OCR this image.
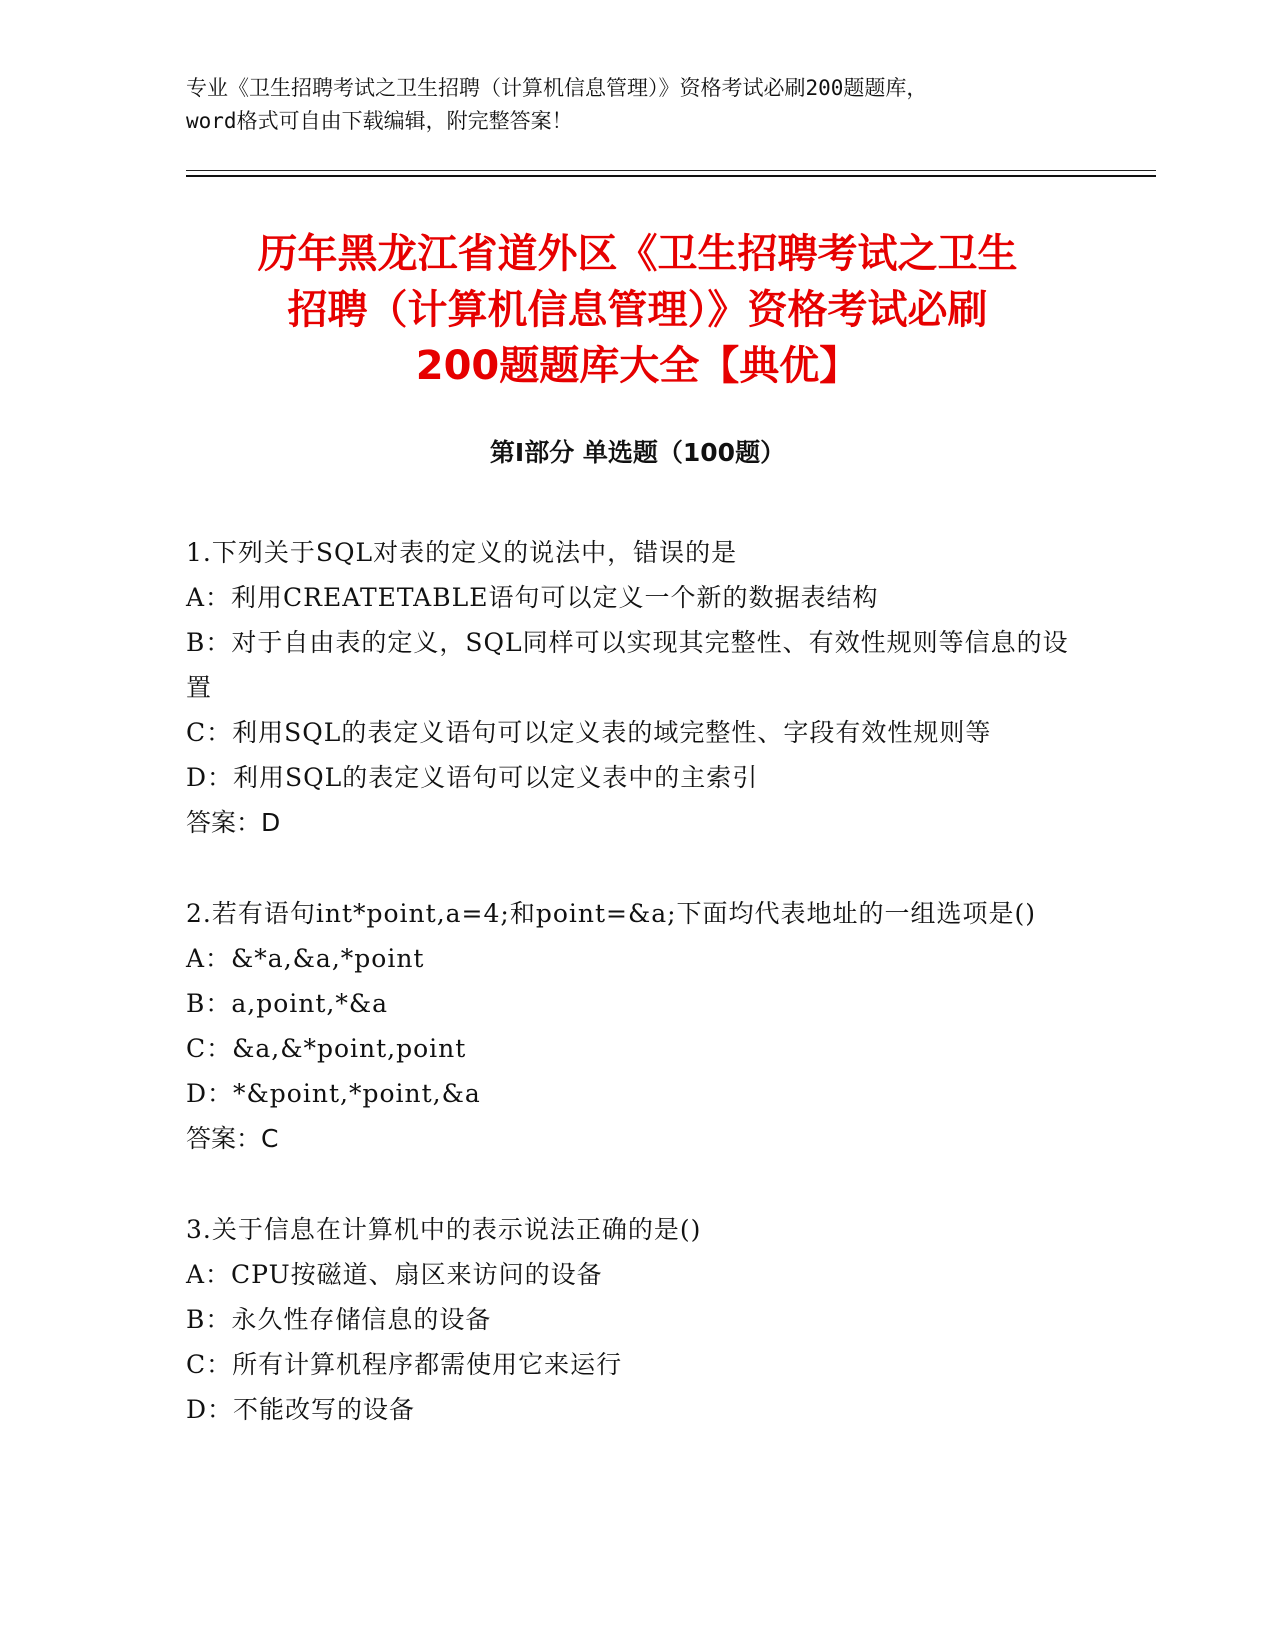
专业《卫生招聘考试之卫生招聘（计算机信息管理）》资格考试必刷200题题库，
word格式可自由下载编辑，附完整答案！
历年黑龙江省道外区《卫生招聘考试之卫生
招聘（计算机信息管理）》资格考试必刷
200题题库大全【典优】
第I部分 单选题（100题）
1.下列关于SQL对表的定义的说法中，错误的是
A：利用CREATETABLE语句可以定义一个新的数据表结构
B：对于自由表的定义，SQL同样可以实现其完整性、有效性规则等信息的设置
C：利用SQL的表定义语句可以定义表的域完整性、字段有效性规则等
D：利用SQL的表定义语句可以定义表中的主索引
答案：D
2.若有语句int*point,a=4;和point=&a;下面均代表地址的一组选项是()
A：&*a,&a,*point
B：a,point,*&a
C：&a,&*point,point
D：*&point,*point,&a
答案：C
3.关于信息在计算机中的表示说法正确的是()
A：CPU按磁道、扇区来访问的设备
B：永久性存储信息的设备
C：所有计算机程序都需使用它来运行
D：不能改写的设备
